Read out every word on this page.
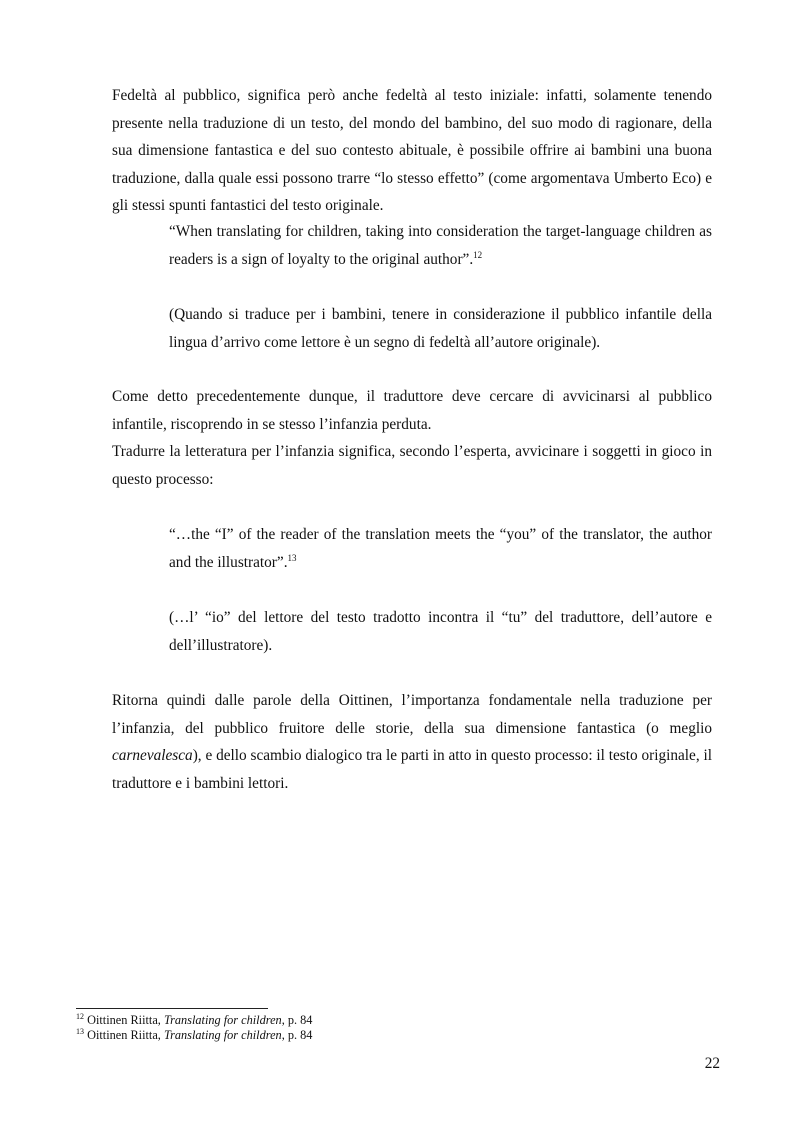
Fedeltà al pubblico, significa però anche fedeltà al testo iniziale: infatti, solamente tenendo presente nella traduzione di un testo, del mondo del bambino, del suo modo di ragionare, della sua dimensione fantastica e del suo contesto abituale, è possibile offrire ai bambini una buona traduzione, dalla quale essi possono trarre “lo stesso effetto” (come argomentava Umberto Eco) e gli stessi spunti fantastici del testo originale.

“When translating for children, taking into consideration the target-language children as readers is a sign of loyalty to the original author”.$^{12}$

(Quando si traduce per i bambini, tenere in considerazione il pubblico infantile della lingua d’arrivo come lettore è un segno di fedeltà all’autore originale).

Come detto precedentemente dunque, il traduttore deve cercare di avvicinarsi al pubblico infantile, riscoprendo in se stesso l’infanzia perduta.

Tradurre la letteratura per l’infanzia significa, secondo l’esperta, avvicinare i soggetti in gioco in questo processo:

“…the “I” of the reader of the translation meets the “you” of the translator, the author and the illustrator”.$^{13}$

(…l’ “io” del lettore del testo tradotto incontra il “tu” del traduttore, dell’autore e dell’illustratore).

Ritorna quindi dalle parole della Oittinen, l’importanza fondamentale nella traduzione per l’infanzia, del pubblico fruitore delle storie, della sua dimensione fantastica (o meglio carnevalesca), e dello scambio dialogico tra le parti in atto in questo processo: il testo originale, il traduttore e i bambini lettori.

$^{12}$ Oittinen Riitta, Translating for children, p. 84
$^{13}$ Oittinen Riitta, Translating for children, p. 84
22
